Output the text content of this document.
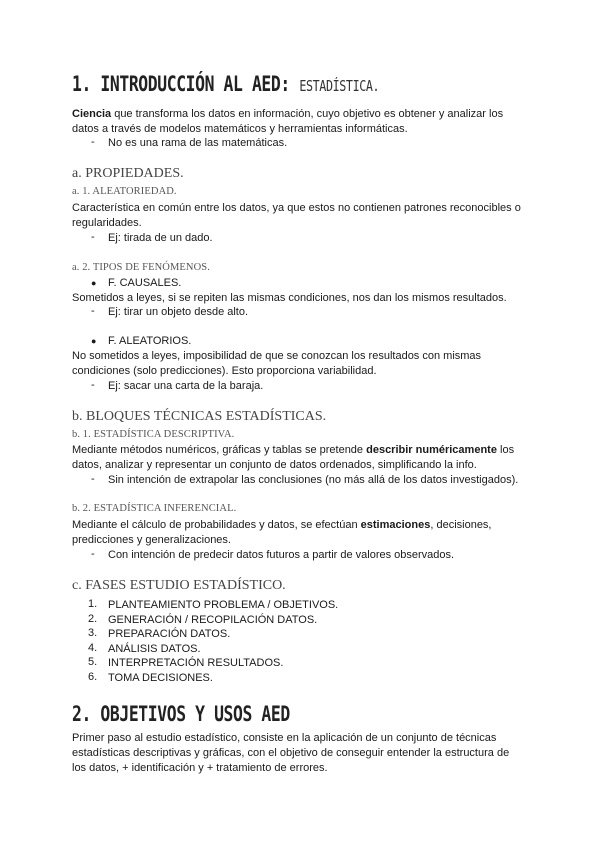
1. INTRODUCCIÓN AL AED: ESTADÍSTICA.
Ciencia que transforma los datos en información, cuyo objetivo es obtener y analizar los
datos a través de modelos matemáticos y herramientas informáticas.
- No es una rama de las matemáticas.
a. PROPIEDADES.
a. 1. ALEATORIEDAD.
Característica en común entre los datos, ya que estos no contienen patrones reconocibles o
regularidades.
- Ej: tirada de un dado.
a. 2. TIPOS DE FENÓMENOS.
● F. CAUSALES.
Sometidos a leyes, si se repiten las mismas condiciones, nos dan los mismos resultados.
- Ej: tirar un objeto desde alto.
● F. ALEATORIOS.
No sometidos a leyes, imposibilidad de que se conozcan los resultados con mismas
condiciones (solo predicciones). Esto proporciona variabilidad.
- Ej: sacar una carta de la baraja.
b. BLOQUES TÉCNICAS ESTADÍSTICAS.
b. 1. ESTADÍSTICA DESCRIPTIVA.
Mediante métodos numéricos, gráficas y tablas se pretende describir numéricamente los
datos, analizar y representar un conjunto de datos ordenados, simplificando la info.
- Sin intención de extrapolar las conclusiones (no más allá de los datos investigados).
b. 2. ESTADÍSTICA INFERENCIAL.
Mediante el cálculo de probabilidades y datos, se efectúan estimaciones, decisiones,
predicciones y generalizaciones.
- Con intención de predecir datos futuros a partir de valores observados.
c. FASES ESTUDIO ESTADÍSTICO.
1. PLANTEAMIENTO PROBLEMA / OBJETIVOS.
2. GENERACIÓN / RECOPILACIÓN DATOS.
3. PREPARACIÓN DATOS.
4. ANÁLISIS DATOS.
5. INTERPRETACIÓN RESULTADOS.
6. TOMA DECISIONES.
2. OBJETIVOS Y USOS AED
Primer paso al estudio estadístico, consiste en la aplicación de un conjunto de técnicas
estadísticas descriptivas y gráficas, con el objetivo de conseguir entender la estructura de
los datos, + identificación y + tratamiento de errores.
